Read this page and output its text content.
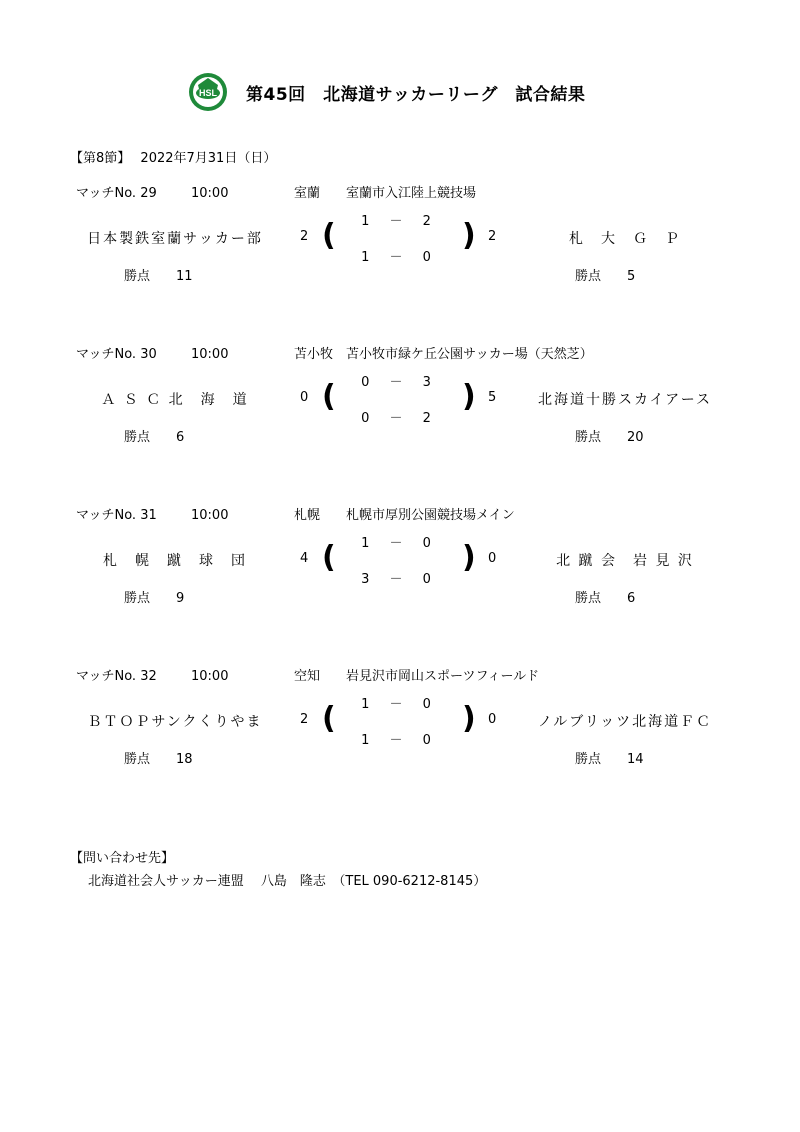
HSL 第45回　北海道サッカーリーグ　試合結果
【第8節】 2022年7月31日（日）
マッチNo. 29	10:00	室蘭 室蘭市入江陸上競技場
日本製鉄室蘭サッカー部	2 (	1 － 2
1 － 0
) 2	札　大　Ｇ　Ｐ
勝点 11	勝点 5
マッチNo. 30	10:00	苫小牧 苫小牧市緑ケ丘公園サッカー場（天然芝）
Ａ Ｓ Ｃ 北　海　道	0 (	0 － 3
0 － 2
) 5	北海道十勝スカイアース
勝点 6	勝点 20
マッチNo. 31	10:00	札幌 札幌市厚別公園競技場メイン
札　幌　蹴　球　団	4 (	1 － 0
3 － 0
) 0	北 蹴 会　岩 見 沢
勝点 9	勝点 6
マッチNo. 32	10:00	空知 岩見沢市岡山スポーツフィールド
ＢＴＯＰサンクくりやま	2 (	1 － 0
1 － 0
) 0	ノルブリッツ北海道ＦＣ
勝点 18	勝点 14
【問い合わせ先】
北海道社会人サッカー連盟　 八島　隆志　（TEL 090-6212-8145）
